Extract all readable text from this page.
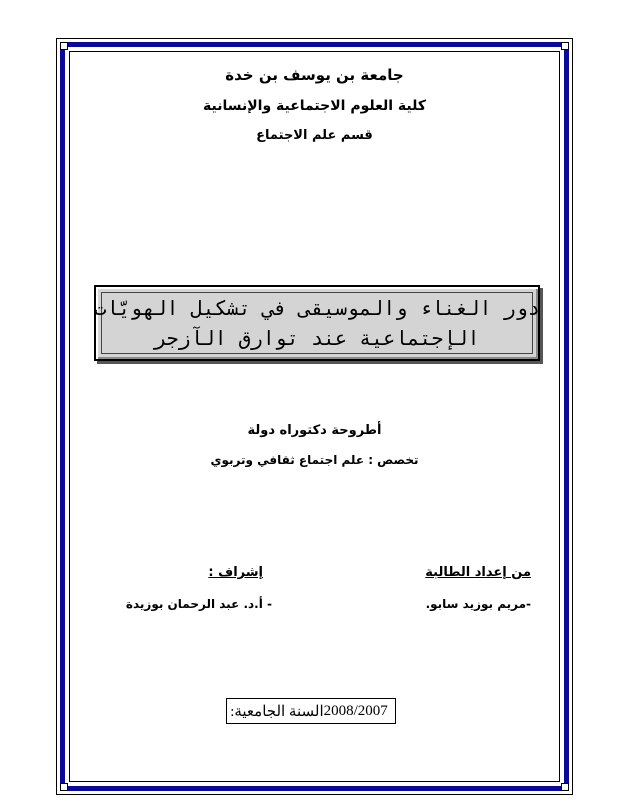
جامعة بن يوسف بن خدة
كلية العلوم الاجتماعية والإنسانية
قسم علم الاجتماع
دور الغناء والموسيقى في تشكيل الهويّات
الإجتماعية عند توارق الآزجر
أطروحة دكتوراه دولة
تخصص : علم اجتماع ثقافي وتربوي
من إعداد الطالبة
-مريم بوزيد سابو.
إشراف :
- أ.د. عبد الرحمان بوزيدة
السنة الجامعية: 2008/2007
